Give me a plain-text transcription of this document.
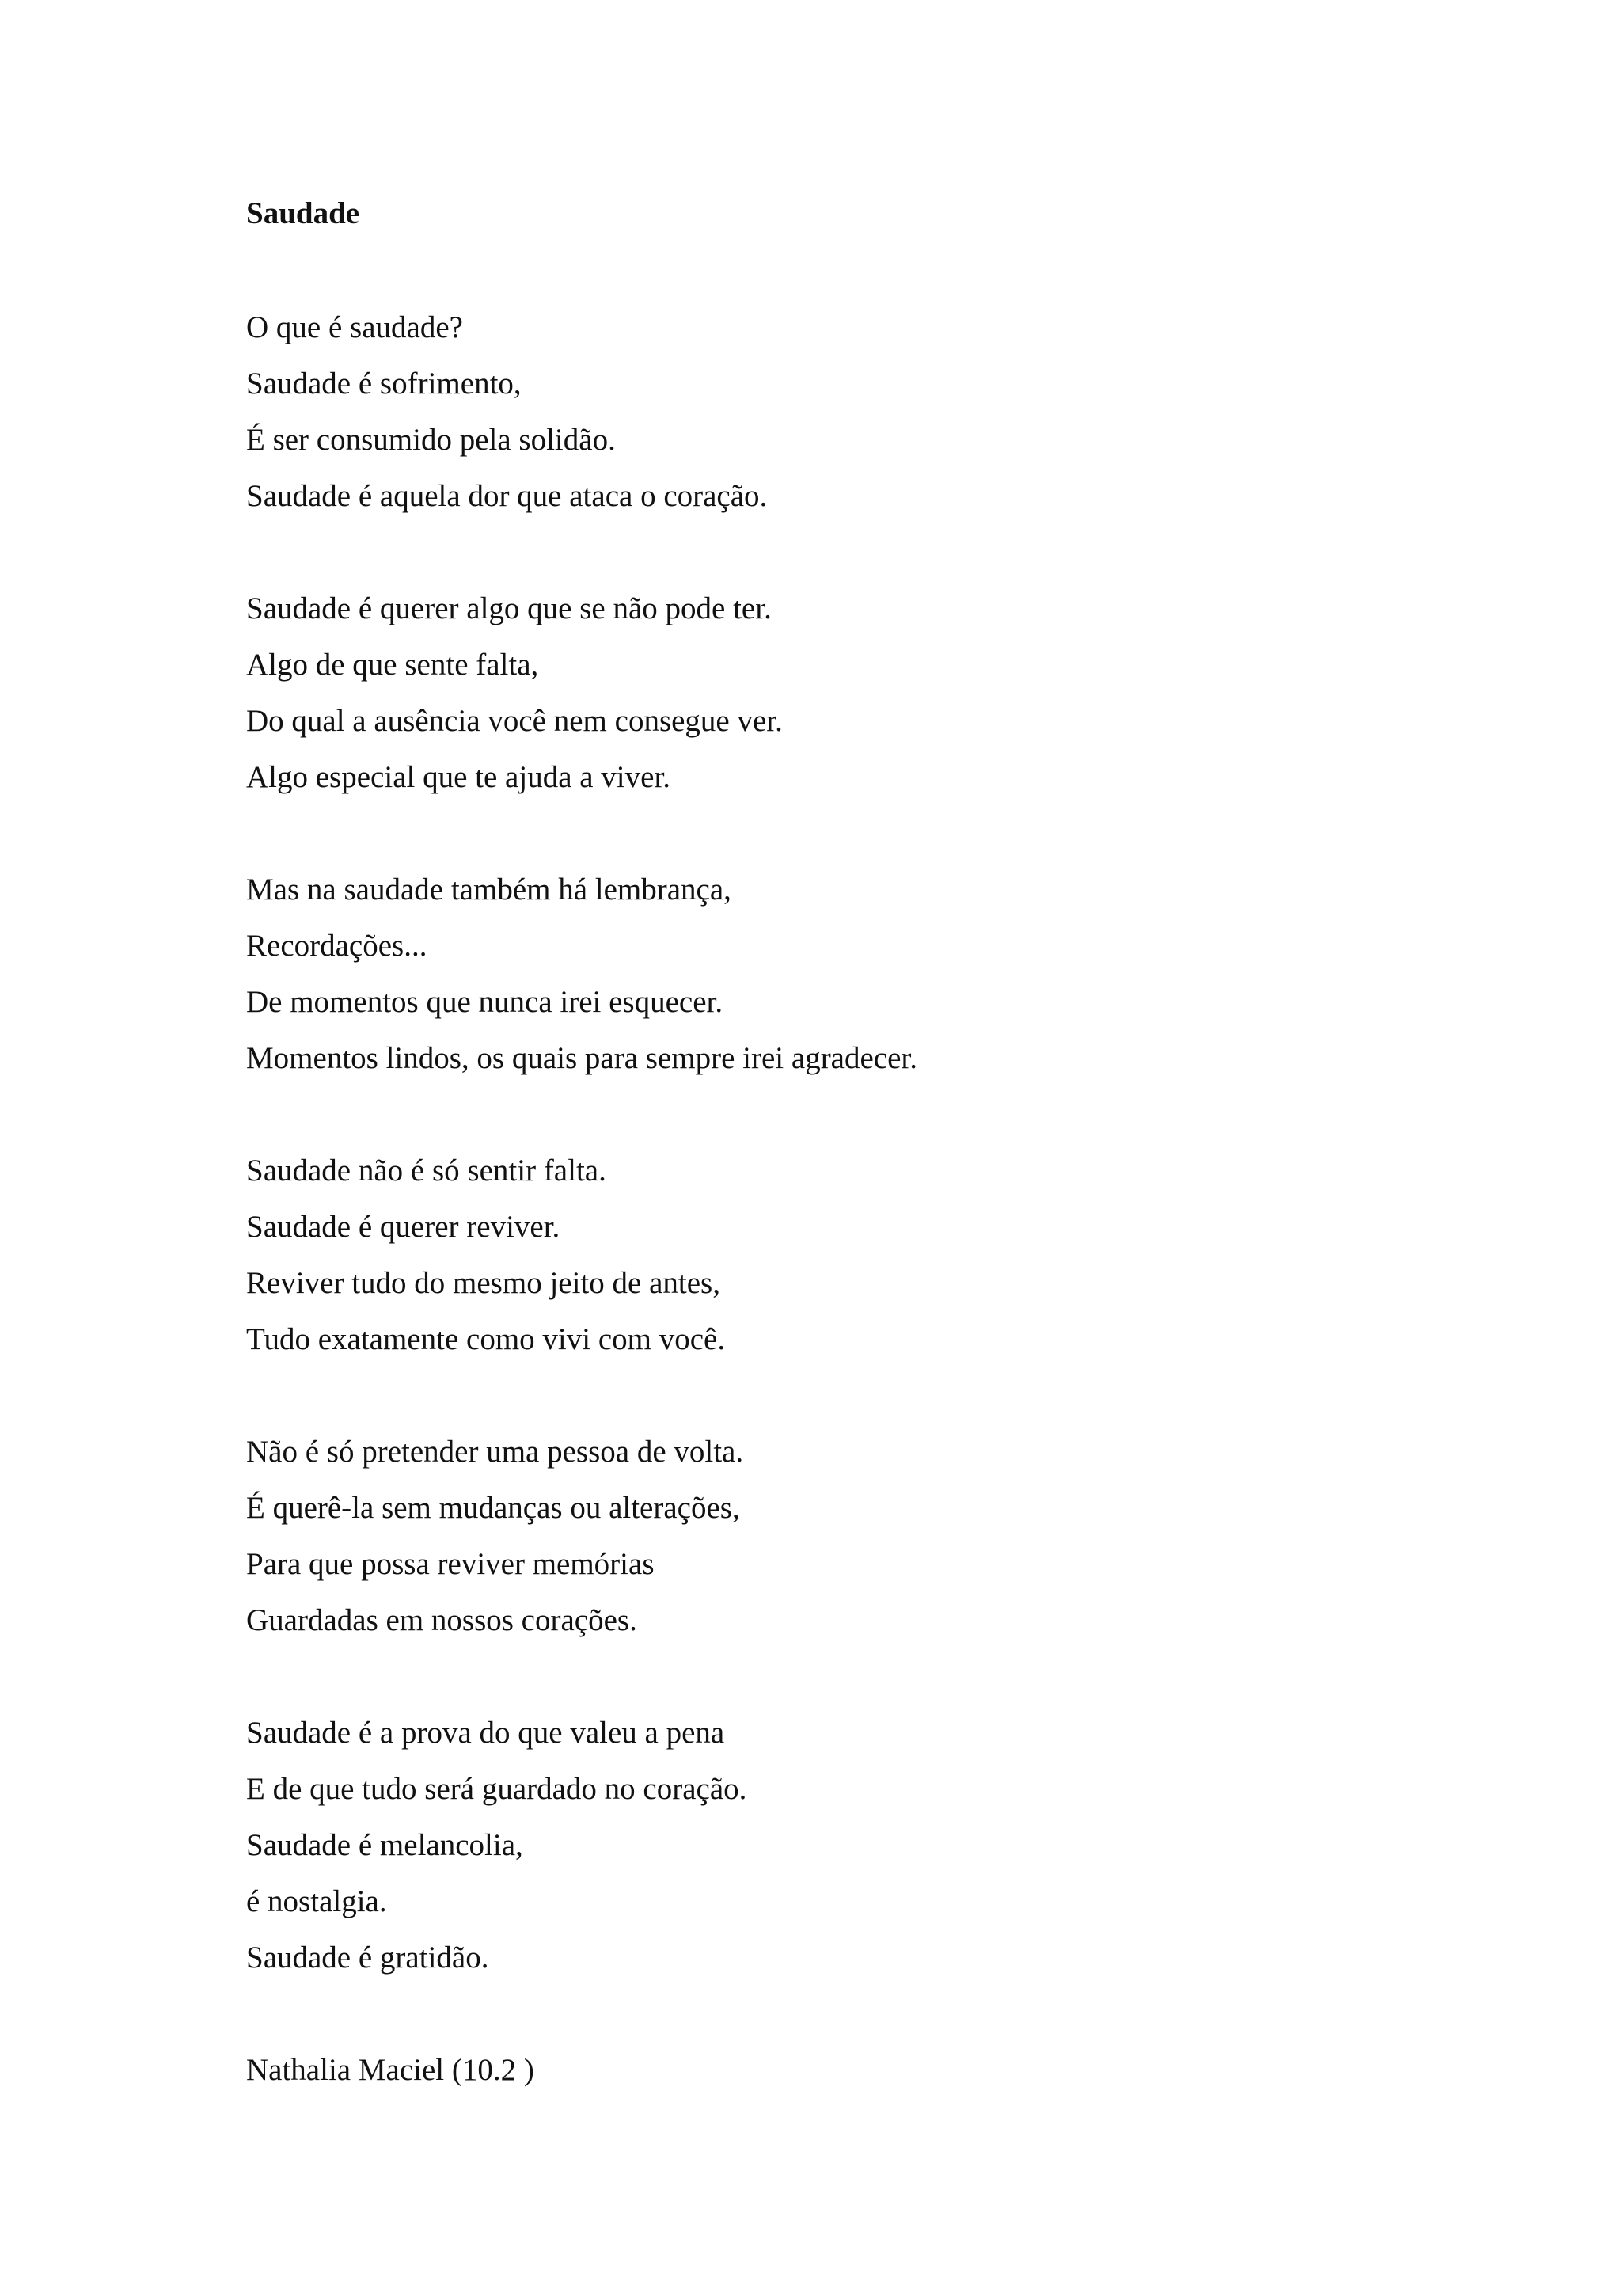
Saudade
O que é saudade?
Saudade é sofrimento,
É ser consumido pela solidão.
Saudade é aquela dor que ataca o coração.
Saudade é querer algo que se não pode ter.
Algo de que sente falta,
Do qual a ausência você nem consegue ver.
Algo especial que te ajuda a viver.
Mas na saudade também há lembrança,
Recordações...
De momentos que nunca irei esquecer.
Momentos lindos, os quais para sempre irei agradecer.
Saudade não é só sentir falta.
Saudade é querer reviver.
Reviver tudo do mesmo jeito de antes,
Tudo exatamente como vivi com você.
Não é só pretender uma pessoa de volta.
É querê-la sem mudanças ou alterações,
Para que possa reviver memórias
Guardadas em nossos corações.
Saudade é a prova do que valeu a pena
E de que tudo será guardado no coração.
Saudade é melancolia,
é nostalgia.
Saudade é gratidão.
Nathalia Maciel (10.2 )
